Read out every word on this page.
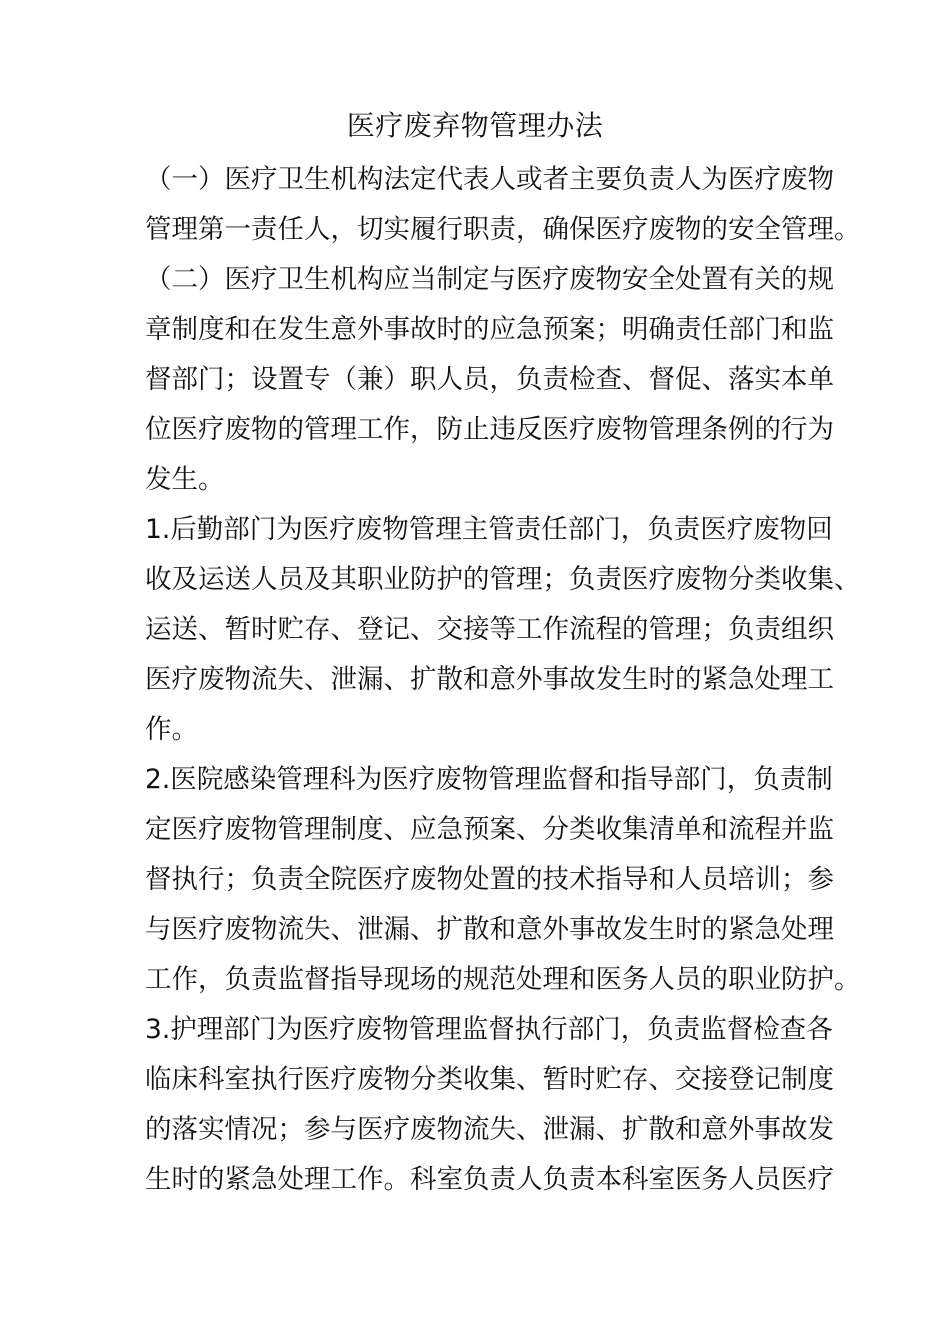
医疗废弃物管理办法
（一）医疗卫生机构法定代表人或者主要负责人为医疗废物
管理第一责任人，切实履行职责，确保医疗废物的安全管理。
（二）医疗卫生机构应当制定与医疗废物安全处置有关的规
章制度和在发生意外事故时的应急预案；明确责任部门和监
督部门；设置专（兼）职人员，负责检查、督促、落实本单
位医疗废物的管理工作，防止违反医疗废物管理条例的行为
发生。
1.后勤部门为医疗废物管理主管责任部门，负责医疗废物回
收及运送人员及其职业防护的管理；负责医疗废物分类收集、
运送、暂时贮存、登记、交接等工作流程的管理；负责组织
医疗废物流失、泄漏、扩散和意外事故发生时的紧急处理工
作。
2.医院感染管理科为医疗废物管理监督和指导部门，负责制
定医疗废物管理制度、应急预案、分类收集清单和流程并监
督执行；负责全院医疗废物处置的技术指导和人员培训；参
与医疗废物流失、泄漏、扩散和意外事故发生时的紧急处理
工作，负责监督指导现场的规范处理和医务人员的职业防护。
3.护理部门为医疗废物管理监督执行部门，负责监督检查各
临床科室执行医疗废物分类收集、暂时贮存、交接登记制度
的落实情况；参与医疗废物流失、泄漏、扩散和意外事故发
生时的紧急处理工作。科室负责人负责本科室医务人员医疗
